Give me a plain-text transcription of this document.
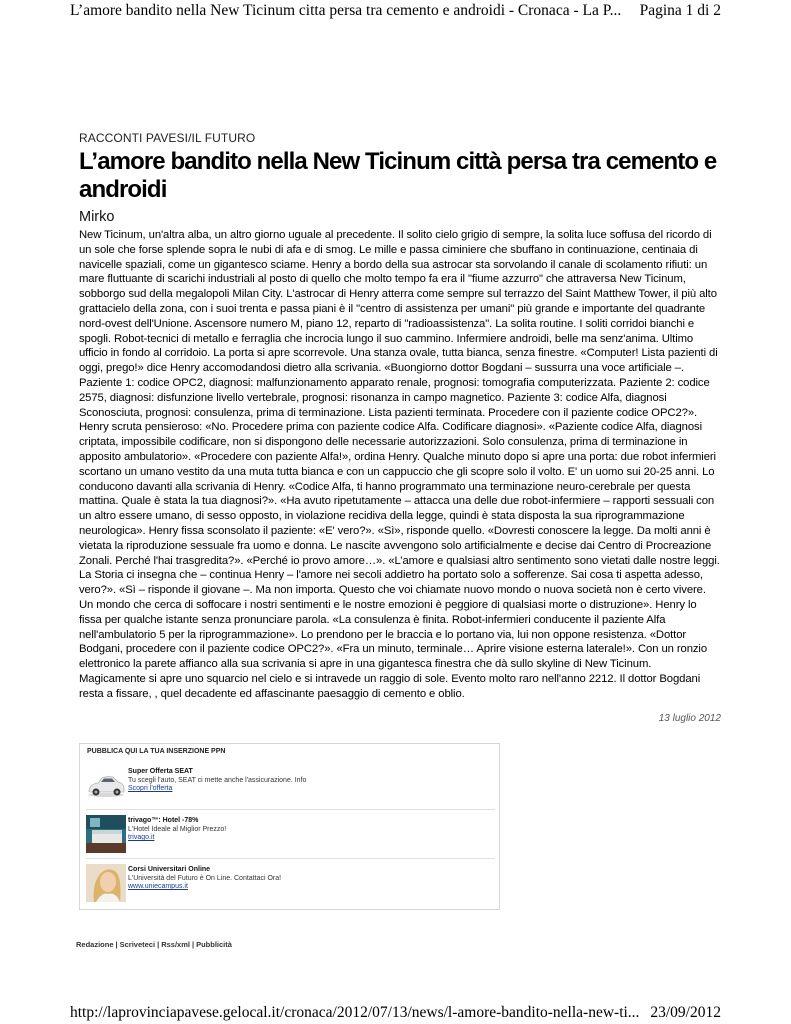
L’amore bandito nella New Ticinum citta persa tra cemento e androidi - Cronaca - La P... Pagina 1 di 2

RACCONTI PAVESI/IL FUTURO

L’amore bandito nella New Ticinum città persa tra cemento e androidi

Mirko

New Ticinum, un'altra alba, un altro giorno uguale al precedente. Il solito cielo grigio di sempre, la solita luce soffusa del ricordo di un sole che forse splende sopra le nubi di afa e di smog. Le mille e passa ciminiere che sbuffano in continuazione, centinaia di navicelle spaziali, come un gigantesco sciame. Henry a bordo della sua astrocar sta sorvolando il canale di scolamento rifiuti: un mare fluttuante di scarichi industriali al posto di quello che molto tempo fa era il "fiume azzurro" che attraversa New Ticinum, sobborgo sud della megalopoli Milan City. L'astrocar di Henry atterra come sempre sul terrazzo del Saint Matthew Tower, il più alto grattacielo della zona, con i suoi trenta e passa piani è il "centro di assistenza per umani" più grande e importante del quadrante nord-ovest dell'Unione. Ascensore numero M, piano 12, reparto di "radioassistenza". La solita routine. I soliti corridoi bianchi e spogli. Robot-tecnici di metallo e ferraglia che incrocia lungo il suo cammino. Infermiere androidi, belle ma senz'anima. Ultimo ufficio in fondo al corridoio. La porta si apre scorrevole. Una stanza ovale, tutta bianca, senza finestre. «Computer! Lista pazienti di oggi, prego!» dice Henry accomodandosi dietro alla scrivania. «Buongiorno dottor Bogdani – sussurra una voce artificiale –. Paziente 1: codice OPC2, diagnosi: malfunzionamento apparato renale, prognosi: tomografia computerizzata. Paziente 2: codice 2575, diagnosi: disfunzione livello vertebrale, prognosi: risonanza in campo magnetico. Paziente 3: codice Alfa, diagnosi Sconosciuta, prognosi: consulenza, prima di terminazione. Lista pazienti terminata. Procedere con il paziente codice OPC2?». Henry scruta pensieroso: «No. Procedere prima con paziente codice Alfa. Codificare diagnosi». «Paziente codice Alfa, diagnosi criptata, impossibile codificare, non si dispongono delle necessarie autorizzazioni. Solo consulenza, prima di terminazione in apposito ambulatorio». «Procedere con paziente Alfa!», ordina Henry. Qualche minuto dopo si apre una porta: due robot infermieri scortano un umano vestito da una muta tutta bianca e con un cappuccio che gli scopre solo il volto. E' un uomo sui 20-25 anni. Lo conducono davanti alla scrivania di Henry. «Codice Alfa, ti hanno programmato una terminazione neuro-cerebrale per questa mattina. Quale è stata la tua diagnosi?». «Ha avuto ripetutamente – attacca una delle due robot-infermiere – rapporti sessuali con un altro essere umano, di sesso opposto, in violazione recidiva della legge, quindi è stata disposta la sua riprogrammazione neurologica». Henry fissa sconsolato il paziente: «E' vero?». «Sì», risponde quello. «Dovresti conoscere la legge. Da molti anni è vietata la riproduzione sessuale fra uomo e donna. Le nascite avvengono solo artificialmente e decise dai Centro di Procreazione Zonali. Perché l'hai trasgredita?». «Perché io provo amore…». «L’amore e qualsiasi altro sentimento sono vietati dalle nostre leggi. La Storia ci insegna che – continua Henry – l'amore nei secoli addietro ha portato solo a sofferenze. Sai cosa ti aspetta adesso, vero?». «Sì – risponde il giovane –. Ma non importa. Questo che voi chiamate nuovo mondo o nuova società non è certo vivere. Un mondo che cerca di soffocare i nostri sentimenti e le nostre emozioni è peggiore di qualsiasi morte o distruzione». Henry lo fissa per qualche istante senza pronunciare parola. «La consulenza è finita. Robot-infermieri conducente il paziente Alfa nell'ambulatorio 5 per la riprogrammazione». Lo prendono per le braccia e lo portano via, lui non oppone resistenza. «Dottor Bodgani, procedere con il paziente codice OPC2?». «Fra un minuto, terminale… Aprire visione esterna laterale!». Con un ronzio elettronico la parete affianco alla sua scrivania si apre in una gigantesca finestra che dà sullo skyline di New Ticinum. Magicamente si apre uno squarcio nel cielo e si intravede un raggio di sole. Evento molto raro nell'anno 2212. Il dottor Bogdani resta a fissare, , quel decadente ed affascinante paesaggio di cemento e oblio.

13 luglio 2012
PUBBLICA QUI LA TUA INSERZIONE PPN
Super Offerta SEAT
Tu scegli l'auto, SEAT ci mette anche l'assicurazione. Info
Scopri l'offerta
trivago™: Hotel -78%
L'Hotel Ideale al Miglior Prezzo!
trivago.it
Corsi Universitari Online
L'Università del Futuro è On Line. Contattaci Ora!
www.uniecampus.it
Redazione | Scriveteci | Rss/xml | Pubblicità
http://laprovinciapavese.gelocal.it/cronaca/2012/07/13/news/l-amore-bandito-nella-new-ti... 23/09/2012
